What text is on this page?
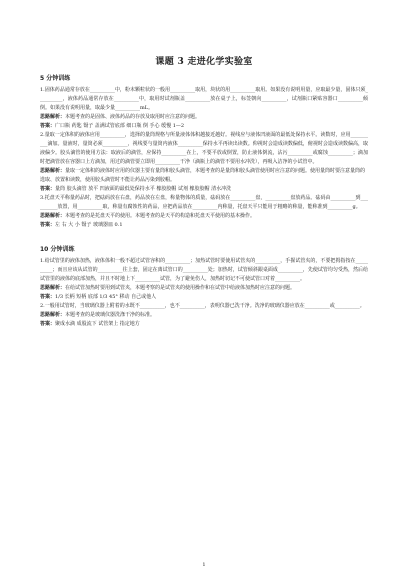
课题 3 走进化学实验室
5 分钟训练

1.固体药品通常存放在__________中，粉末颗粒状的一般用__________取用，块状的用__________取用。如果没有说明用量，应取最少量，固体只须__________，液体药品通常存放在__________中，取用时试剂瓶盖__________放在桌子上，标签朝向__________，试剂瓶口紧贴容器口__________倾倒。如果没有说明用量，取最少量__________mL。

思路解析：本题考查的是固体、液体药品的存放及取用时应注意的问题。

答案：广口瓶 药匙 镊子 盖满试管底部 细口瓶 倒 手心 缓慢 1—2

2.量取一定体积的液体应用__________，选择的量筒规格与所量液体体积越接近越好。视线应与液体凹液面的最低处保持水平。读数时，应用__________滴加。量液时，量筒必须__________，视线要与量筒内液体__________保持水平再读出读数。仰视时会造成读数偏低，俯视时会造成读数偏高，取液偏少。胶头滴管的使用方法：取液后的滴管，应保持__________在上，不要平放或倒置，防止液体倒流，沾污__________或腐蚀__________；滴加时把滴管放在容器口上方滴加，用过的滴管要立即用__________干净（滴瓶上的滴管不要用水冲洗），再吸入洁净的小试管中。

思路解析：量取一定体积的液体时应用的仪器主要有量筒和胶头滴管，本题考查的是量筒和胶头滴管使用时应注意的问题。使用量筒时要注意量筒的选取、放置和读数，使用胶头滴管时不能让药品污染到胶帽。

答案：量筒 胶头滴管 放平 凹液面的最低处保持水平 橡胶胶帽 试剂 橡胶胶帽 清水冲洗

3.托盘天平称量药品时，把砝码放在右盘，药品放在左盘，称量物体的质量，砝码放在__________盘，__________盘放药品。砝码由__________到__________放置，用__________取，称量有腐蚀性的药品，应把药品放在__________内称量，托盘天平只能用于粗略的称量，能称准到__________g。

思路解析：本题考查的是托盘天平的使用。本题考查的是天平的构造和托盘天平使用的基本操作。

答案：左 右 大 小 镊子 玻璃器皿 0.1

10 分钟训练

1.给试管里的液体加热，液体体积一般不超过试管容积的__________；加热试管时要使用试管夹的__________，手握试管夹的，不要把拇指按在__________；而且应该从试管的__________往上套，固定在离试管口的__________处；加热时，试管倾斜跟桌面成__________，先使试管均匀受热，然后给试管里的液体的底部加热，并且不时地上下__________试管，为了避免伤人，加热时切记不可使试管口对着__________。

思路解析：在给试管加热时要用到试管夹，本题考察的是试管夹的使用操作和在试管中给液体加热时应注意的问题。

答案：1/3 长柄 短柄 底部 1/3 45° 移动 自己或他人

2.一般用试管时，当玻璃仪器上附着的水既不__________，也不__________，表明仪器已洗干净。洗净的玻璃仪器应放在__________或__________。

思路解析：本题考查的是玻璃仪器洗涤干净的标准。

答案：聚成水滴 成股流下 试管架上 指定地方

1
